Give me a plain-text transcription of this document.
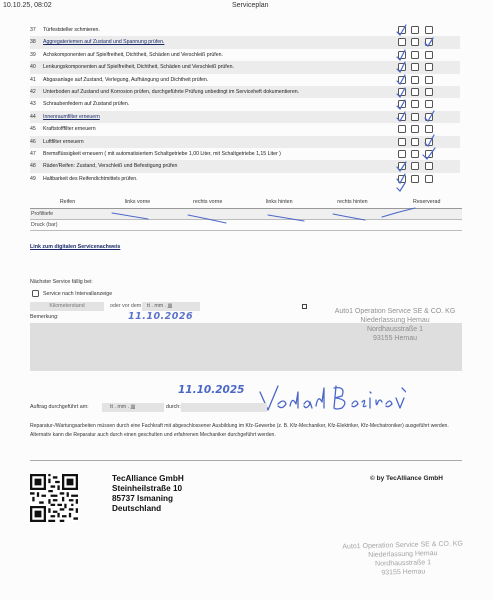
10.10.25, 08:02	Serviceplan
37	Türfeststeller schmieren.
38	Aggregateriemen auf Zustand und Spannung prüfen.
39	Achskomponenten auf Spielfreiheit, Dichtheit, Schäden und Verschleiß prüfen.
40	Lenkungskomponenten auf Spielfreiheit, Dichtheit, Schäden und Verschleiß prüfen.
41	Abgasanlage auf Zustand, Verlegung, Aufhängung und Dichtheit prüfen.
42	Unterboden auf Zustand und Korrosion prüfen, durchgeführte Prüfung unbedingt im Serviceheft dokumentieren.
43	Schraubenfedern auf Zustand prüfen.
44	Innenraumfilter erneuern
45	Kraftstofffilter erneuern
46	Luftfilter erneuern
47	Bremsflüssigkeit erneuern ( mit automatisiertem Schaltgetriebe 1,00 Liter, mit Schaltgetriebe 1,15 Liter )
48	Räder/Reifen: Zustand, Verschleiß und Befestigung prüfen
49	Haltbarkeit des Reifendichtmittels prüfen.
Reifen	links vorne	rechts vorne	links hinten	rechts hinten	Reserverad
Profiltiefe					
Druck (bar)					
Link zum digitalen Servicenachweis
Nächster Service fällig bei:
Service nach Intervallanzeige
Kilometerstand	oder vor dem	tt . mm . jjjj
Bemerkung:	11.10.2026	Auto1 Operation Service SE & CO. KG
Niederlassung Hemau
Nordhausstraße 1
93155 Hemau
11.10.2025
Auftrag durchgeführt am:	tt . mm . jjjj	durch:
Reparatur-/Wartungsarbeiten müssen durch eine Fachkraft mit abgeschlossener Ausbildung im Kfz-Gewerbe (z. B. Kfz-Mechaniker, Kfz-Elektriker, Kfz-Mechatroniker) ausgeführt werden. Alternativ kann die Reparatur auch durch einen geschulten und erfahrenen Mechaniker durchgeführt werden.
TecAlliance GmbH
Steinheilstraße 10
85737 Ismaning
Deutschland
© by TecAlliance GmbH
Auto1 Operation Service SE & CO. KG
Niederlassung Hemau
Nordhausstraße 1
93155 Hemau
